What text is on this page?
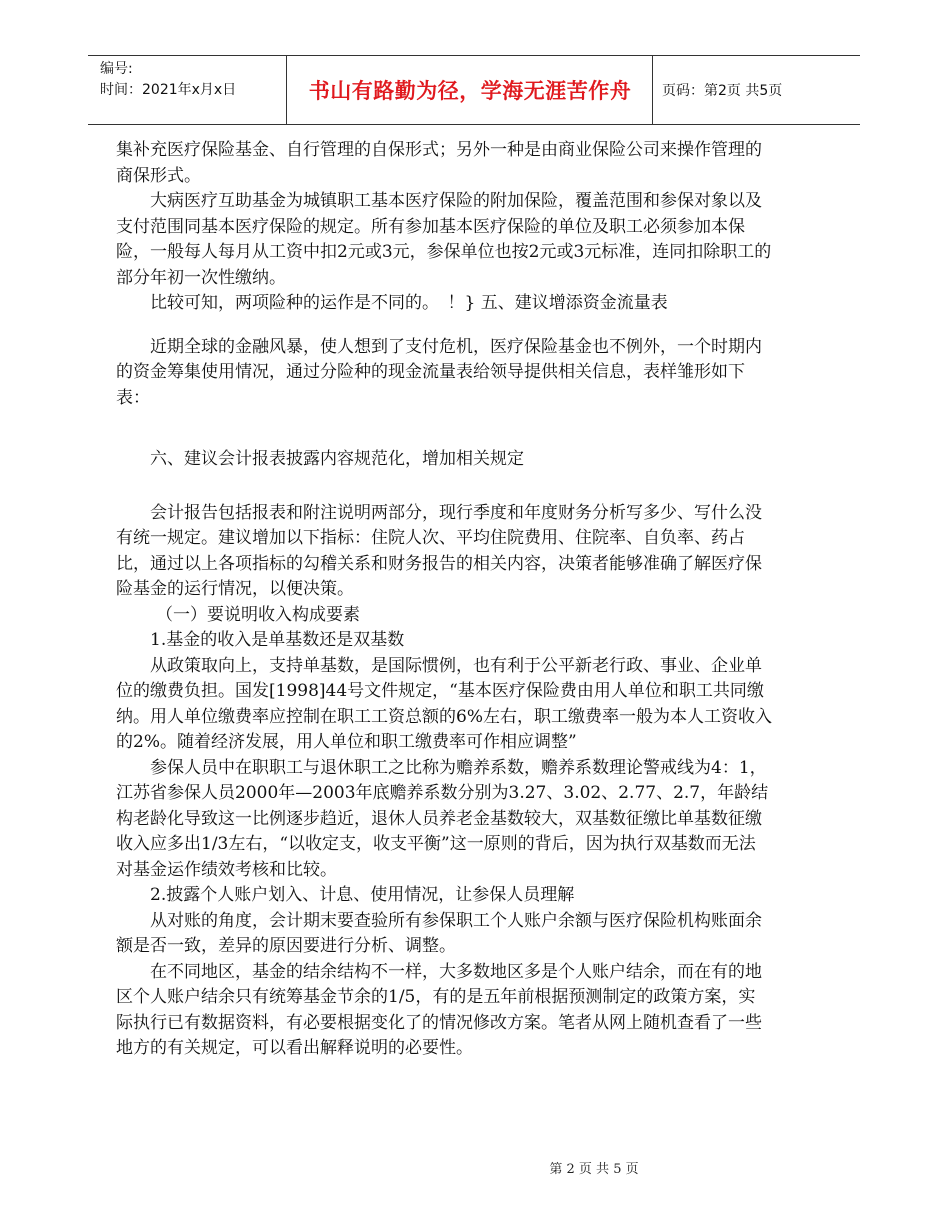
编号:
时间：2021年x月x日	书山有路勤为径，学海无涯苦作舟	页码：第2页 共5页

集补充医疗保险基金、自行管理的自保形式；另外一种是由商业保险公司来操作管理的商保形式。

大病医疗互助基金为城镇职工基本医疗保险的附加保险，覆盖范围和参保对象以及支付范围同基本医疗保险的规定。所有参加基本医疗保险的单位及职工必须参加本保险，一般每人每月从工资中扣2元或3元，参保单位也按2元或3元标准，连同扣除职工的部分年初一次性缴纳。

比较可知，两项险种的运作是不同的。　！} 五、建议增添资金流量表

近期全球的金融风暴，使人想到了支付危机，医疗保险基金也不例外，一个时期内的资金筹集使用情况，通过分险种的现金流量表给领导提供相关信息，表样雏形如下表：

六、建议会计报表披露内容规范化，增加相关规定

会计报告包括报表和附注说明两部分，现行季度和年度财务分析写多少、写什么没有统一规定。建议增加以下指标：住院人次、平均住院费用、住院率、自负率、药占比，通过以上各项指标的勾稽关系和财务报告的相关内容，决策者能够准确了解医疗保险基金的运行情况，以便决策。

（一）要说明收入构成要素

1.基金的收入是单基数还是双基数

从政策取向上，支持单基数，是国际惯例，也有利于公平新老行政、事业、企业单位的缴费负担。国发[1998]44号文件规定，“基本医疗保险费由用人单位和职工共同缴纳。用人单位缴费率应控制在职工工资总额的6%左右，职工缴费率一般为本人工资收入的2%。随着经济发展，用人单位和职工缴费率可作相应调整”

参保人员中在职职工与退休职工之比称为赡养系数，赡养系数理论警戒线为4：1，江苏省参保人员2000年—2003年底赡养系数分别为3.27、3.02、2.77、2.7，年龄结构老龄化导致这一比例逐步趋近，退休人员养老金基数较大，双基数征缴比单基数征缴收入应多出1/3左右，“以收定支，收支平衡”这一原则的背后，因为执行双基数而无法对基金运作绩效考核和比较。

2.披露个人账户划入、计息、使用情况，让参保人员理解

从对账的角度，会计期末要查验所有参保职工个人账户余额与医疗保险机构账面余额是否一致，差异的原因要进行分析、调整。

在不同地区，基金的结余结构不一样，大多数地区多是个人账户结余，而在有的地区个人账户结余只有统筹基金节余的1/5，有的是五年前根据预测制定的政策方案，实际执行已有数据资料，有必要根据变化了的情况修改方案。笔者从网上随机查看了一些地方的有关规定，可以看出解释说明的必要性。

第 2 页 共 5 页
